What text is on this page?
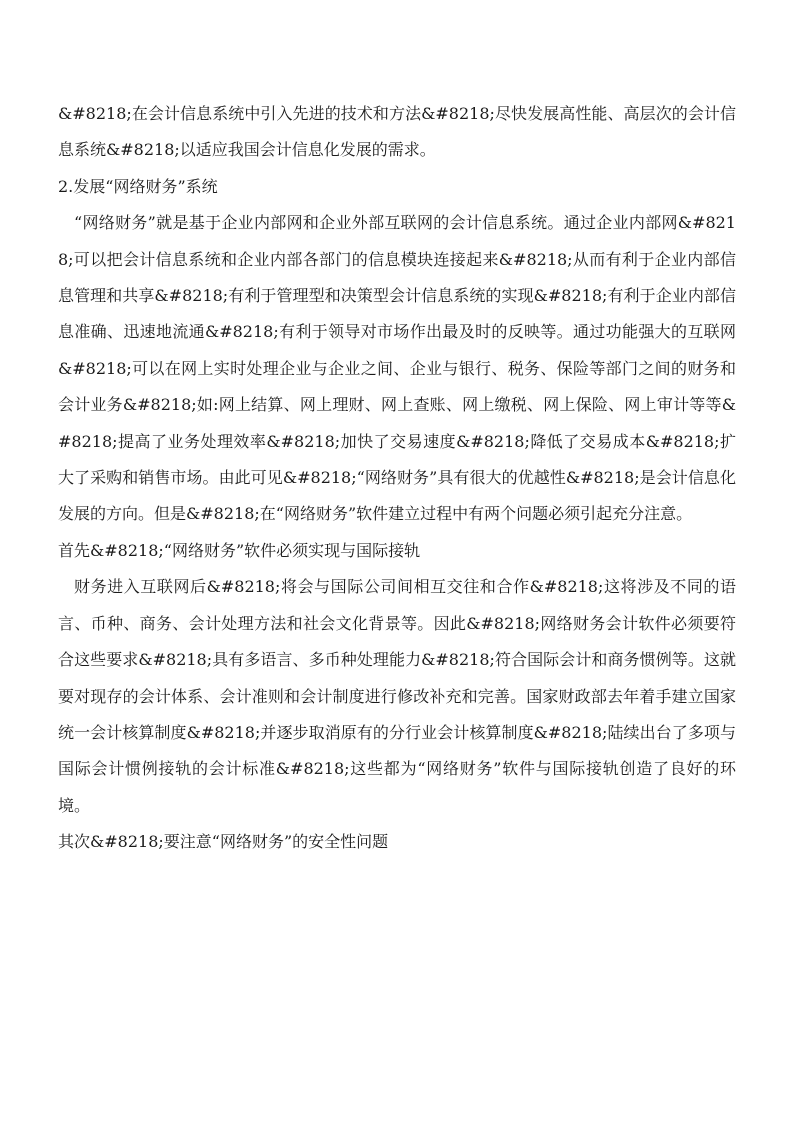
&#8218;在会计信息系统中引入先进的技术和方法&#8218;尽快发展高性能、高层次的会计信息系统&#8218;以适应我国会计信息化发展的需求。

2.发展“网络财务”系统

“网络财务”就是基于企业内部网和企业外部互联网的会计信息系统。通过企业内部网&#8218;可以把会计信息系统和企业内部各部门的信息模块连接起来&#8218;从而有利于企业内部信息管理和共享&#8218;有利于管理型和决策型会计信息系统的实现&#8218;有利于企业内部信息准确、迅速地流通&#8218;有利于领导对市场作出最及时的反映等。通过功能强大的互联网&#8218;可以在网上实时处理企业与企业之间、企业与银行、税务、保险等部门之间的财务和会计业务&#8218;如:网上结算、网上理财、网上查账、网上缴税、网上保险、网上审计等等&#8218;提高了业务处理效率&#8218;加快了交易速度&#8218;降低了交易成本&#8218;扩大了采购和销售市场。由此可见&#8218;“网络财务”具有很大的优越性&#8218;是会计信息化发展的方向。但是&#8218;在“网络财务”软件建立过程中有两个问题必须引起充分注意。

首先&#8218;“网络财务”软件必须实现与国际接轨

财务进入互联网后&#8218;将会与国际公司间相互交往和合作&#8218;这将涉及不同的语言、币种、商务、会计处理方法和社会文化背景等。因此&#8218;网络财务会计软件必须要符合这些要求&#8218;具有多语言、多币种处理能力&#8218;符合国际会计和商务惯例等。这就要对现存的会计体系、会计准则和会计制度进行修改补充和完善。国家财政部去年着手建立国家统一会计核算制度&#8218;并逐步取消原有的分行业会计核算制度&#8218;陆续出台了多项与国际会计惯例接轨的会计标准&#8218;这些都为“网络财务”软件与国际接轨创造了良好的环境。

其次&#8218;要注意“网络财务”的安全性问题
